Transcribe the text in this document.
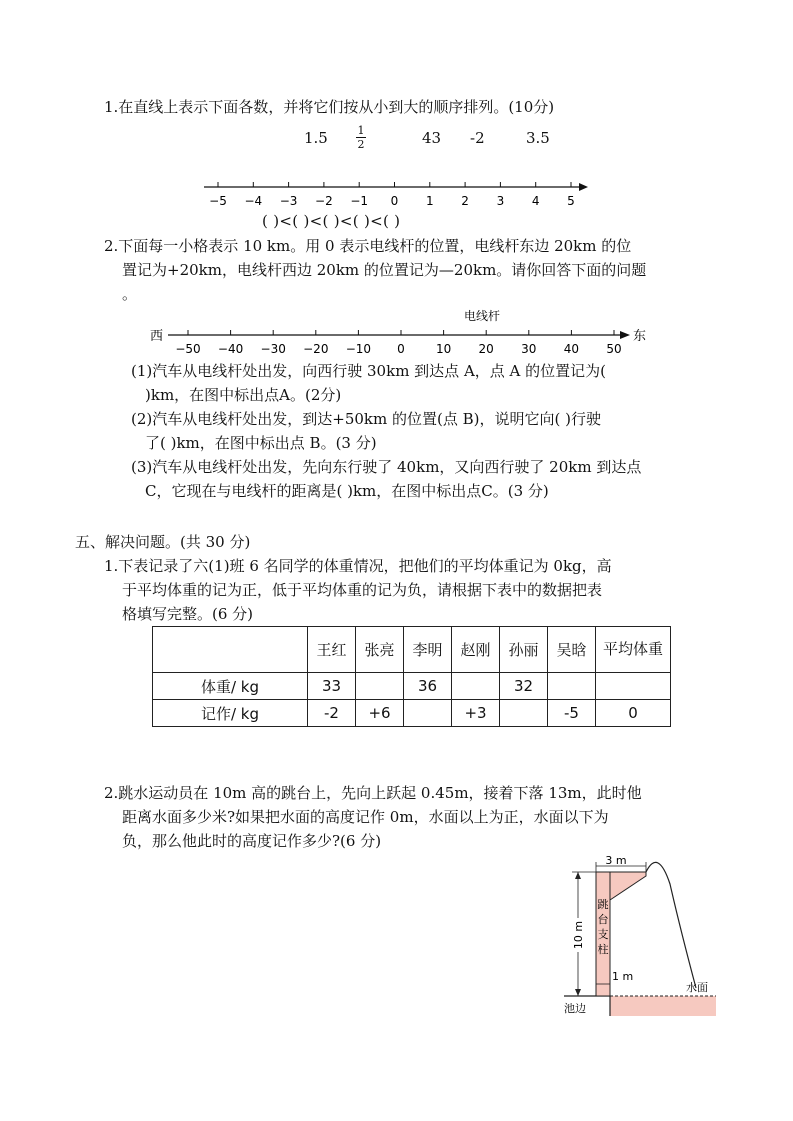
1.在直线上表示下面各数，并将它们按从小到大的顺序排列。(10分)
1.5	1
2	43 -2	3.5
−5 −4 −3 −2 −1 0 1 2 3 4 5
( )<( )<( )<( )<( )
2.下面每一小格表示 10 km。用 0 表示电线杆的位置，电线杆东边 20km 的位
置记为+20km，电线杆西边 20km 的位置记为—20km。请你回答下面的问题
。
电线杆
西	东
−50 −40 −30 −20 −10 0	10 20 30 40 50
(1)汽车从电线杆处出发，向西行驶 30km 到达点 A，点 A 的位置记为(
)km，在图中标出点A。(2分)
(2)汽车从电线杆处出发，到达+50km 的位置(点 B)，说明它向( )行驶
了( )km，在图中标出点 B。(3 分)
(3)汽车从电线杆处出发，先向东行驶了 40km，又向西行驶了 20km 到达点
C，它现在与电线杆的距离是( )km，在图中标出点C。(3 分)
五、解决问题。(共 30 分)
1.下表记录了六(1)班 6 名同学的体重情况，把他们的平均体重记为 0kg，高
于平均体重的记为正，低于平均体重的记为负，请根据下表中的数据把表
格填写完整。(6 分)
	王红	张亮	李明	赵刚	孙丽	吴晗	平均体重
体重/ kg	33		36		32		
记作/ kg	-2	+6		+3		-5	0
2.跳水运动员在 10m 高的跳台上，先向上跃起 0.45m，接着下落 13m，此时他
距离水面多少米?如果把水面的高度记作 0m，水面以上为正，水面以下为
负，那么他此时的高度记作多少?(6 分)
3 m
10 m
跳
台
支
柱
1 m
水面
池边
